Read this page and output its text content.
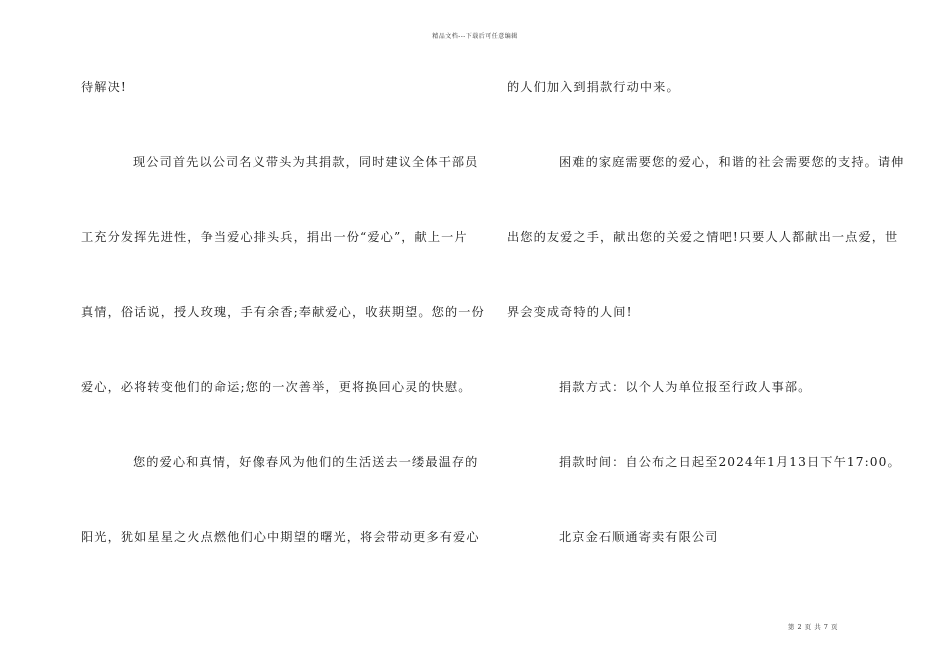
精品文档---下载后可任意编辑
待解决!
现公司首先以公司名义带头为其捐款，同时建议全体干部员
工充分发挥先进性，争当爱心排头兵，捐出一份“爱心”，献上一片
真情，俗话说，授人玫瑰，手有余香;奉献爱心，收获期望。您的一份
爱心，必将转变他们的命运;您的一次善举，更将换回心灵的快慰。
您的爱心和真情，好像春风为他们的生活送去一缕最温存的
阳光，犹如星星之火点燃他们心中期望的曙光，将会带动更多有爱心
的人们加入到捐款行动中来。
困难的家庭需要您的爱心，和谐的社会需要您的支持。请伸
出您的友爱之手，献出您的关爱之情吧!只要人人都献出一点爱，世
界会变成奇特的人间!
捐款方式：以个人为单位报至行政人事部。
捐款时间：自公布之日起至2024年1月13日下午17:00。
北京金石顺通寄卖有限公司
第 2 页 共 7 页
